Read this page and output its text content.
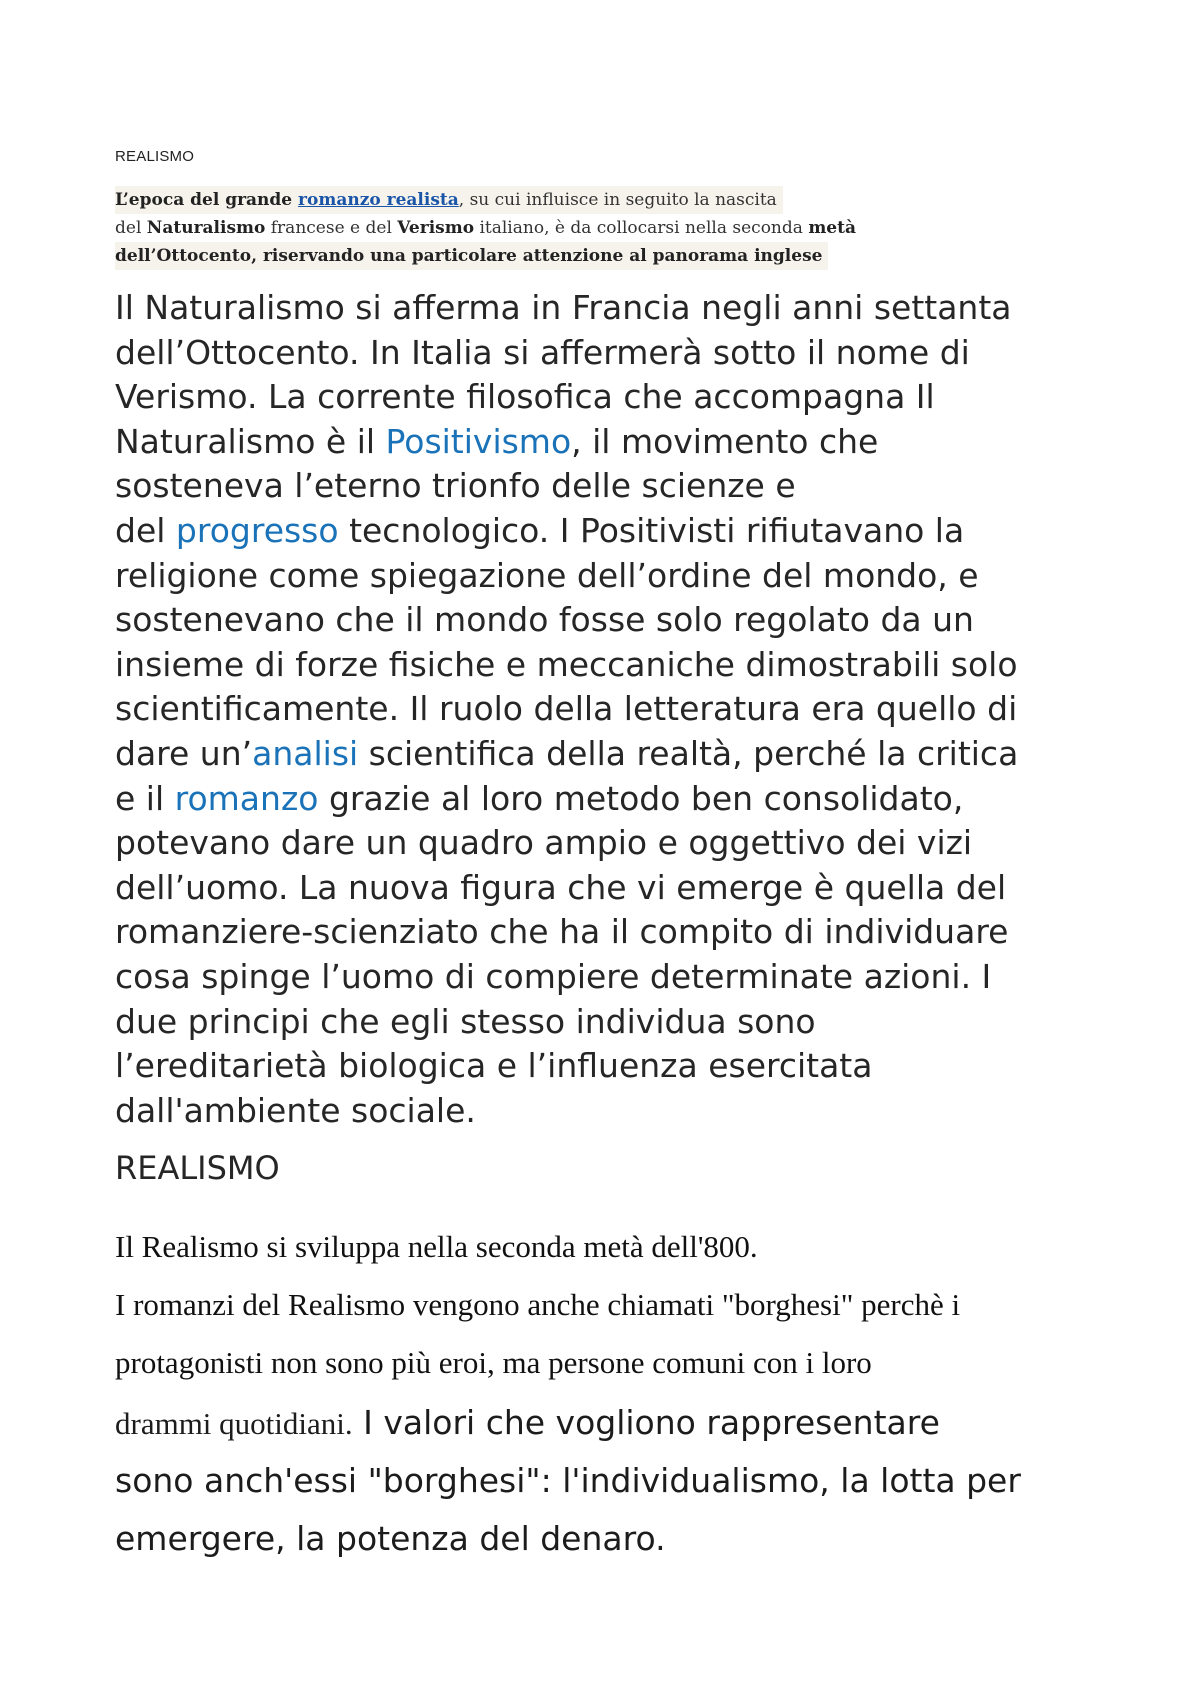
REALISMO
L’epoca del grande romanzo realista, su cui influisce in seguito la nascita
del Naturalismo francese e del Verismo italiano, è da collocarsi nella seconda metà
dell’Ottocento, riservando una particolare attenzione al panorama inglese
Il Naturalismo si afferma in Francia negli anni settanta
dell’Ottocento. In Italia si affermerà sotto il nome di
Verismo. La corrente filosofica che accompagna Il
Naturalismo è il Positivismo, il movimento che
sosteneva l’eterno trionfo delle scienze e
del progresso tecnologico. I Positivisti rifiutavano la
religione come spiegazione dell’ordine del mondo, e
sostenevano che il mondo fosse solo regolato da un
insieme di forze fisiche e meccaniche dimostrabili solo
scientificamente. Il ruolo della letteratura era quello di
dare un’analisi scientifica della realtà, perché la critica
e il romanzo grazie al loro metodo ben consolidato,
potevano dare un quadro ampio e oggettivo dei vizi
dell’uomo. La nuova figura che vi emerge è quella del
romanziere-scienziato che ha il compito di individuare
cosa spinge l’uomo di compiere determinate azioni. I
due principi che egli stesso individua sono
l’ereditarietà biologica e l’influenza esercitata
dall'ambiente sociale.
REALISMO
Il Realismo si sviluppa nella seconda metà dell'800.
I romanzi del Realismo vengono anche chiamati "borghesi" perchè i
protagonisti non sono più eroi, ma persone comuni con i loro
drammi quotidiani. I valori che vogliono rappresentare
sono anch'essi "borghesi": l'individualismo, la lotta per
emergere, la potenza del denaro.
